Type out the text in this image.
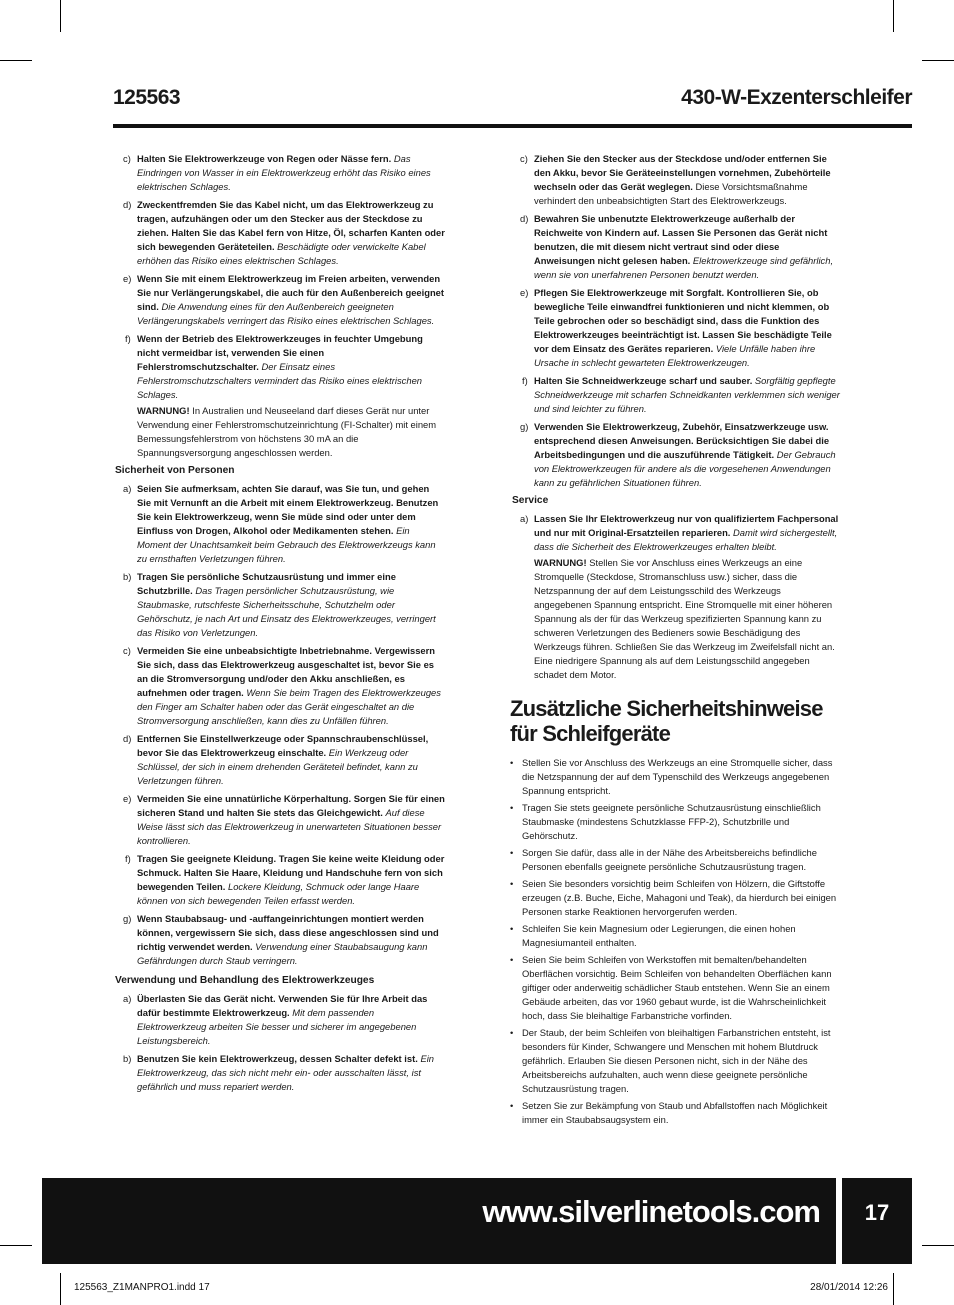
125563	430-W-Exzenterschleifer
c) Halten Sie Elektrowerkzeuge von Regen oder Nässe fern. Das Eindringen von Wasser in ein Elektrowerkzeug erhöht das Risiko eines elektrischen Schlages.
d) Zweckentfremden Sie das Kabel nicht, um das Elektrowerkzeug zu tragen, aufzuhängen oder um den Stecker aus der Steckdose zu ziehen. Halten Sie das Kabel fern von Hitze, Öl, scharfen Kanten oder sich bewegenden Geräteteilen. Beschädigte oder verwickelte Kabel erhöhen das Risiko eines elektrischen Schlages.
e) Wenn Sie mit einem Elektrowerkzeug im Freien arbeiten, verwenden Sie nur Verlängerungskabel, die auch für den Außenbereich geeignet sind. Die Anwendung eines für den Außenbereich geeigneten Verlängerungskabels verringert das Risiko eines elektrischen Schlages.
f) Wenn der Betrieb des Elektrowerkzeuges in feuchter Umgebung nicht vermeidbar ist, verwenden Sie einen Fehlerstromschutzschalter. Der Einsatz eines Fehlerstromschutzschalters vermindert das Risiko eines elektrischen Schlages.
WARNUNG! In Australien und Neuseeland darf dieses Gerät nur unter Verwendung einer Fehlerstromschutzeinrichtung (FI-Schalter) mit einem Bemessungsfehlerstrom von höchstens 30 mA an die Spannungsversorgung angeschlossen werden.
Sicherheit von Personen
a) Seien Sie aufmerksam, achten Sie darauf, was Sie tun, und gehen Sie mit Vernunft an die Arbeit mit einem Elektrowerkzeug. Benutzen Sie kein Elektrowerkzeug, wenn Sie müde sind oder unter dem Einfluss von Drogen, Alkohol oder Medikamenten stehen. Ein Moment der Unachtsamkeit beim Gebrauch des Elektrowerkzeugs kann zu ernsthaften Verletzungen führen.
b) Tragen Sie persönliche Schutzausrüstung und immer eine Schutzbrille. Das Tragen persönlicher Schutzausrüstung, wie Staubmaske, rutschfeste Sicherheitsschuhe, Schutzhelm oder Gehörschutz, je nach Art und Einsatz des Elektrowerkzeuges, verringert das Risiko von Verletzungen.
c) Vermeiden Sie eine unbeabsichtigte Inbetriebnahme. Vergewissern Sie sich, dass das Elektrowerkzeug ausgeschaltet ist, bevor Sie es an die Stromversorgung und/oder den Akku anschließen, es aufnehmen oder tragen. Wenn Sie beim Tragen des Elektrowerkzeuges den Finger am Schalter haben oder das Gerät eingeschaltet an die Stromversorgung anschließen, kann dies zu Unfällen führen.
d) Entfernen Sie Einstellwerkzeuge oder Spannschraubenschlüssel, bevor Sie das Elektrowerkzeug einschalte. Ein Werkzeug oder Schlüssel, der sich in einem drehenden Geräteteil befindet, kann zu Verletzungen führen.
e) Vermeiden Sie eine unnatürliche Körperhaltung. Sorgen Sie für einen sicheren Stand und halten Sie stets das Gleichgewicht. Auf diese Weise lässt sich das Elektrowerkzeug in unerwarteten Situationen besser kontrollieren.
f) Tragen Sie geeignete Kleidung. Tragen Sie keine weite Kleidung oder Schmuck. Halten Sie Haare, Kleidung und Handschuhe fern von sich bewegenden Teilen. Lockere Kleidung, Schmuck oder lange Haare können von sich bewegenden Teilen erfasst werden.
g) Wenn Staubabsaug- und -auffangeinrichtungen montiert werden können, vergewissern Sie sich, dass diese angeschlossen sind und richtig verwendet werden. Verwendung einer Staubabsaugung kann Gefährdungen durch Staub verringern.
Verwendung und Behandlung des Elektrowerkzeuges
a) Überlasten Sie das Gerät nicht. Verwenden Sie für Ihre Arbeit das dafür bestimmte Elektrowerkzeug. Mit dem passenden Elektrowerkzeug arbeiten Sie besser und sicherer im angegebenen Leistungsbereich.
b) Benutzen Sie kein Elektrowerkzeug, dessen Schalter defekt ist. Ein Elektrowerkzeug, das sich nicht mehr ein- oder ausschalten lässt, ist gefährlich und muss repariert werden.
c) Ziehen Sie den Stecker aus der Steckdose und/oder entfernen Sie den Akku, bevor Sie Geräteeinstellungen vornehmen, Zubehörteile wechseln oder das Gerät weglegen. Diese Vorsichtsmaßnahme verhindert den unbeabsichtigten Start des Elektrowerkzeugs.
d) Bewahren Sie unbenutzte Elektrowerkzeuge außerhalb der Reichweite von Kindern auf. Lassen Sie Personen das Gerät nicht benutzen, die mit diesem nicht vertraut sind oder diese Anweisungen nicht gelesen haben. Elektrowerkzeuge sind gefährlich, wenn sie von unerfahrenen Personen benutzt werden.
e) Pflegen Sie Elektrowerkzeuge mit Sorgfalt. Kontrollieren Sie, ob bewegliche Teile einwandfrei funktionieren und nicht klemmen, ob Teile gebrochen oder so beschädigt sind, dass die Funktion des Elektrowerkzeuges beeinträchtigt ist. Lassen Sie beschädigte Teile vor dem Einsatz des Gerätes reparieren. Viele Unfälle haben ihre Ursache in schlecht gewarteten Elektrowerkzeugen.
f) Halten Sie Schneidwerkzeuge scharf und sauber. Sorgfältig gepflegte Schneidwerkzeuge mit scharfen Schneidkanten verklemmen sich weniger und sind leichter zu führen.
g) Verwenden Sie Elektrowerkzeug, Zubehör, Einsatzwerkzeuge usw. entsprechend diesen Anweisungen. Berücksichtigen Sie dabei die Arbeitsbedingungen und die auszuführende Tätigkeit. Der Gebrauch von Elektrowerkzeugen für andere als die vorgesehenen Anwendungen kann zu gefährlichen Situationen führen.
Service
a) Lassen Sie Ihr Elektrowerkzeug nur von qualifiziertem Fachpersonal und nur mit Original-Ersatzteilen reparieren. Damit wird sichergestellt, dass die Sicherheit des Elektrowerkzeuges erhalten bleibt.
WARNUNG! Stellen Sie vor Anschluss eines Werkzeugs an eine Stromquelle (Steckdose, Stromanschluss usw.) sicher, dass die Netzspannung der auf dem Leistungsschild des Werkzeugs angegebenen Spannung entspricht. Eine Stromquelle mit einer höheren Spannung als der für das Werkzeug spezifizierten Spannung kann zu schweren Verletzungen des Bedieners sowie Beschädigung des Werkzeugs führen. Schließen Sie das Werkzeug im Zweifelsfall nicht an. Eine niedrigere Spannung als auf dem Leistungsschild angegeben schadet dem Motor.
Zusätzliche Sicherheitshinweise für Schleifgeräte
• Stellen Sie vor Anschluss des Werkzeugs an eine Stromquelle sicher, dass die Netzspannung der auf dem Typenschild des Werkzeugs angegebenen Spannung entspricht.
• Tragen Sie stets geeignete persönliche Schutzausrüstung einschließlich Staubmaske (mindestens Schutzklasse FFP-2), Schutzbrille und Gehörschutz.
• Sorgen Sie dafür, dass alle in der Nähe des Arbeitsbereichs befindliche Personen ebenfalls geeignete persönliche Schutzausrüstung tragen.
• Seien Sie besonders vorsichtig beim Schleifen von Hölzern, die Giftstoffe erzeugen (z.B. Buche, Eiche, Mahagoni und Teak), da hierdurch bei einigen Personen starke Reaktionen hervorgerufen werden.
• Schleifen Sie kein Magnesium oder Legierungen, die einen hohen Magnesiumanteil enthalten.
• Seien Sie beim Schleifen von Werkstoffen mit bemalten/behandelten Oberflächen vorsichtig. Beim Schleifen von behandelten Oberflächen kann giftiger oder anderweitig schädlicher Staub entstehen. Wenn Sie an einem Gebäude arbeiten, das vor 1960 gebaut wurde, ist die Wahrscheinlichkeit hoch, dass Sie bleihaltige Farbanstriche vorfinden.
• Der Staub, der beim Schleifen von bleihaltigen Farbanstrichen entsteht, ist besonders für Kinder, Schwangere und Menschen mit hohem Blutdruck gefährlich. Erlauben Sie diesen Personen nicht, sich in der Nähe des Arbeitsbereichs aufzuhalten, auch wenn diese geeignete persönliche Schutzausrüstung tragen.
• Setzen Sie zur Bekämpfung von Staub und Abfallstoffen nach Möglichkeit immer ein Staubabsaugsystem ein.
www.silverlinetools.com	17
125563_Z1MANPRO1.indd 17	28/01/2014 12:26
